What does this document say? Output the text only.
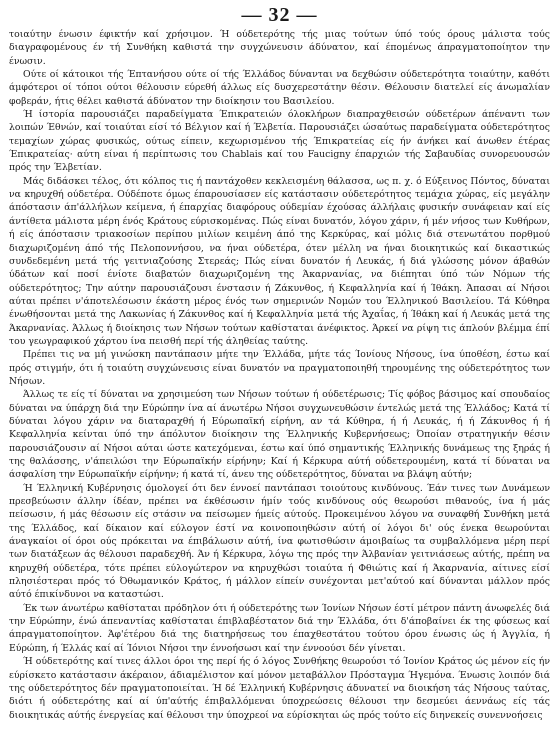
— 32 —

τοιαύτην ένωσιν έφικτήν καί χρήσιμον. Ή ούδετερότης τής μιας τούτων ύπό τούς όρους μάλιστα τούς διαγραφομένους έν τή Συνθήκη καθιστά την συγχώνευσιν άδύνατον, καί έπομένως άπραγματοποίητον την ένωσιν.

Ούτε οί κάτοικοι τής Έπτανήσου ούτε οί τής Έλλάδος δύνανται να δεχθώσιν ούδετερότητα τοιαύτην, καθότι άμφότεροι οί τόποι ούτοι θέλουσιν εύρεθή άλλως είς δυσχερεστάτην θέσιν. Θέλουσιν διατελεί είς άνωμαλίαν φοβεράν, ήτις θέλει καθιστά άδύνατον την διοίκησιν του Βασιλείου.

Ή ίστορία παρουσιάζει παραδείγματα Έπικρατειών όλοκλήρων διαπραχθεισών ούδετέρων άπέναντι των λοιπών Έθνών, καί τοιαύται είσί τό Βέλγιον καί ή Έλβετία. Παρουσιάζει ώσαύτως παραδείγματα ούδετερότητος τεμαχίων χώρας φυσικώς, ούτως είπειν, κεχωρισμένου τής Έπικρατείας είς ήν άνήκει καί άνωθεν έτέρας Έπικρατείας· αύτη είναι ή περίπτωσις του Chablais καί του Faucigny έπαρχιών τής Σαβαυδίας συνορευουσών πρός την Έλβετίαν.

Μάς διδάσκει τέλος, ότι κόλπος τις ή παντάχοθεν κεκλεισμένη θάλασσα, ως π. χ. ό Εύξεινος Πόντος, δύναται να κηρυχθή ούδετέρα. Ούδέποτε όμως έπαρουσίασεν είς κατάστασιν ούδετερότητος τεμάχια χώρας, είς μεγάλην άπόστασιν άπ'άλλήλων κείμενα, ή έπαρχίας διαφόρους ούδεμίαν έχούσας άλλήλαις φυσικήν συνάφειαν καί είς άντίθετα μάλιστα μέρη ένός Κράτους εύρισκομένας. Πώς είναι δυνατόν, λόγου χάριν, ή μέν νήσος των Κυθήρων, ή είς άπόστασιν τριακοσίων περίπου μιλίων κειμένη άπό της Κερκύρας, καί μόλις διά στενωτάτου πορθμού διαχωριζομένη άπό τής Πελοποννήσου, να ήναι ούδετέρα, ότεν μέλλη να ήναι διοικητικώς καί δικαστικώς συνδεδεμένη μετά τής γειτνιαζούσης Στερεάς; Πώς είναι δυνατόν ή Λευκάς, ή διά γλώσσης μόνον άβαθών ύδάτων καί ποσί ένίοτε διαβατών διαχωριζομένη της Άκαρνανίας, να διέπηται ύπό τών Νόμων τής ούδετερότητος; Την αύτην παρουσιάζουσι ένστασιν ή Ζάκυνθος, ή Κεφαλληνία καί ή Ίθάκη. Άπασαι αί Νήσοι αύται πρέπει ν'άποτελέσωσιν έκάστη μέρος ένός των σημερινών Νομών του Έλληνικού Βασιλείου. Τά Κύθηρα ένωθήσονται μετά της Λακωνίας ή Ζάκυνθος καί ή Κεφαλληνία μετά τής Άχαΐας, ή Ίθάκη καί ή Λευκάς μετά της Άκαρνανίας. Άλλως ή διοίκησις των Νήσων τούτων καθίσταται άνέφικτος. Άρκεί να ρίψη τις άπλούν βλέμμα έπί του γεωγραφικού χάρτου ίνα πεισθή περί τής άληθείας ταύτης.

Πρέπει τις να μή γινώσκη παντάπασιν μήτε την Έλλάδα, μήτε τάς Ίονίους Νήσους, ίνα ύποθέση, έστω καί πρός στιγμήν, ότι ή τοιαύτη συγχώνευσις είναι δυνατόν να πραγματοποιηθή τηρουμένης της ούδετερότητος των Νήσων.

Άλλως τε είς τί δύναται να χρησιμεύση των Νήσων τούτων ή ούδετέρωσις; Τίς φόβος βάσιμος καί σπουδαίος δύναται να ύπάρχη διά την Εύρώπην ίνα αί άνωτέρω Νήσοι συγχωνευθώσιν έντελώς μετά της Έλλάδος; Κατά τί δύναται λόγου χάριν να διαταραχθή ή Εύρωπαϊκή είρήνη, αν τά Κύθηρα, ή ή Λευκάς, ή ή Ζάκυνθος ή ή Κεφαλληνία κείνται ύπό την άπόλυτον διοίκησιν της Έλληνικής Κυβερνήσεως; Όποίαν στρατηγικήν θέσιν παρουσιάζουσιν αί Νήσοι αύται ώστε κατεχόμεναι, έστω καί ύπό σημαντικής Έλληνικής δυνάμεως της ξηράς ή της θαλάσσης, ν'άπειλώσι την Εύρωπαϊκήν είρήνην; Καί ή Κέρκυρα αύτή ούδετερουμένη, κατά τί δύναται να άσφαλίση την Εύρωπαϊκήν είρήνην; ή κατά τί, άνευ της ούδετερότητος, δύναται να βλάψη αύτήν;

Ή Έλληνική Κυβέρνησις όμολογεί ότι δεν έννοεί παντάπασι τοιούτους κινδύνους. Έάν τινες των Δυνάμεων πρεσβεύωσιν άλλην ίδέαν, πρέπει να έκθέσωσιν ήμίν τούς κινδύνους ούς θεωρούσι πιθανούς, ίνα ή μάς πείσωσιν, ή μάς θέσωσιν είς στάσιν να πείσωμεν ήμείς αύτούς. Προκειμένου λόγου να συναφθή Συνθήκη μετά της Έλλάδος, καί δίκαιον καί εύλογον έστί να κοινοποιηθώσιν αύτή οί λόγοι δι' ούς ένεκα θεωρούνται άναγκαίοι οί όροι ούς πρόκειται να έπιβάλωσιν αύτή, ίνα φωτισθώσιν άμοιβαίως τα συμβαλλόμενα μέρη περί των διατάξεων άς θέλουσι παραδεχθή. Άν ή Κέρκυρα, λόγω της πρός την Άλβανίαν γειτνιάσεως αύτής, πρέπη να κηρυχθή ούδετέρα, τότε πρέπει εύλογώτερον να κηρυχθώσι τοιαύτα ή Φθιώτις καί ή Άκαρνανία, αίτινες είσί πλησιέστεραι πρός τό Όθωμανικόν Κράτος, ή μάλλον είπείν συνέχονται μετ'αύτού καί δύνανται μάλλον πρός αύτό έπικίνδυνοι να καταστώσι.

Έκ των άνωτέρω καθίσταται πρόδηλον ότι ή ούδετερότης των Ίονίων Νήσων έστί μέτρον πάντη άνωφελές διά την Εύρώπην, ένώ άπεναντίας καθίσταται έπιβλαβέστατον διά την Έλλάδα, ότι δ'άποβαίνει έκ της φύσεως καί άπραγματοποίητον. Άφ'έτέρου διά της διατηρήσεως του έπαχθεστάτου τούτου όρου ένωσις ώς ή Άγγλία, ή Εύρώπη, ή Έλλάς καί αί Ίόνιοι Νήσοι την έννοήσωσι καί την έννοούσι δέν γίνεται.

Ή ούδετερότης καί τινες άλλοι όροι της περί ής ό λόγος Συνθήκης θεωρούσι τό Ίονίον Κράτος ώς μένον είς ήν εύρίσκετο κατάστασιν άκέραιον, άδιαμέλιστον καί μόνον μεταβάλλον Πρόσταγμα Ήγεμόνα. Ένωσις λοιπόν διά της ούδετερότητος δέν πραγματοποιείται. Ή δέ Έλληνική Κυβέρνησις άδυνατεί να διοικήση τάς Νήσους ταύτας, διότι ή ούδετερότης καί αί ύπ'αύτής έπιβαλλόμεναι ύποχρεώσεις θέλουσι την δεσμεύει άεννάως είς τάς διοικητικάς αύτής ένεργείας καί θέλουσι την ύποχρεοί να εύρίσκηται ώς πρός τούτο είς διηνεκείς συνεννοήσεις
